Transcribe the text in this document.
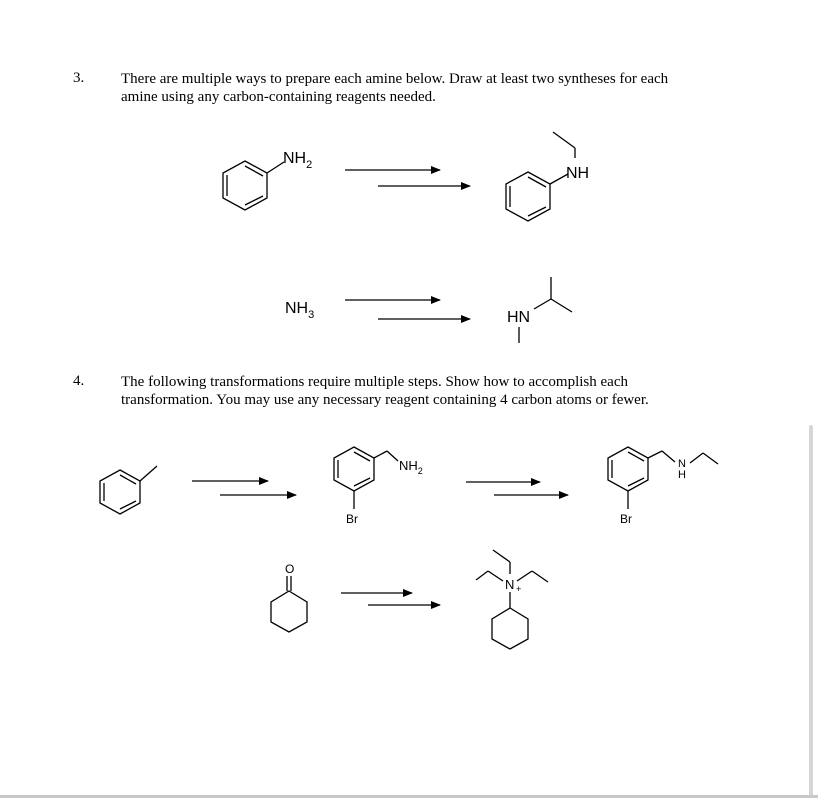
3. There are multiple ways to prepare each amine below. Draw at least two syntheses for each
amine using any carbon-containing reagents needed.
4. The following transformations require multiple steps. Show how to accomplish each
transformation. You may use any necessary reagent containing 4 carbon atoms or fewer.
$NH_2$	NH
$NH_3$	HN
$NH_2$
Br
N
H
Br
O
N +
